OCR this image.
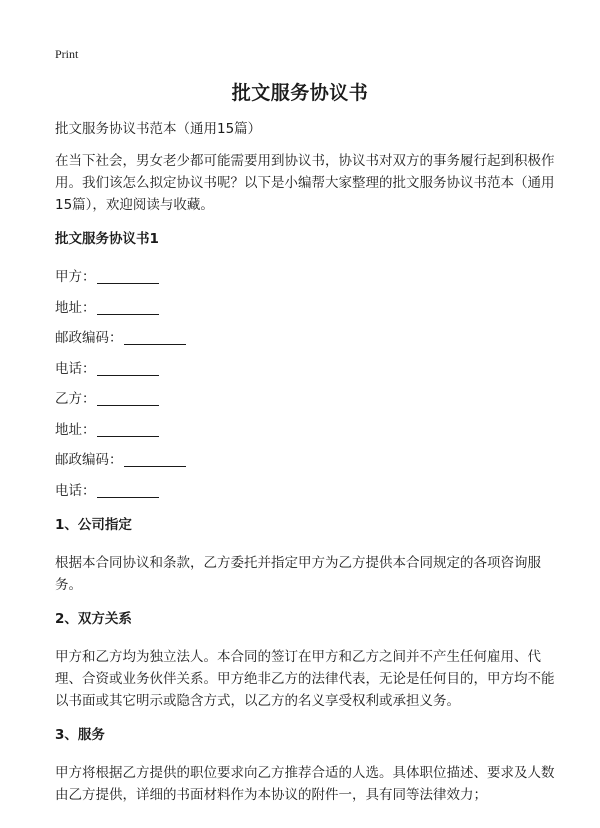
Print
批文服务协议书

批文服务协议书范本（通用15篇）

在当下社会，男女老少都可能需要用到协议书，协议书对双方的事务履行起到积极作用。我们该怎么拟定协议书呢？以下是小编帮大家整理的批文服务协议书范本（通用15篇），欢迎阅读与收藏。

批文服务协议书1

甲方：
地址：
邮政编码：
电话：
乙方：
地址：
邮政编码：
电话：

1、公司指定

根据本合同协议和条款，乙方委托并指定甲方为乙方提供本合同规定的各项咨询服务。

2、双方关系

甲方和乙方均为独立法人。本合同的签订在甲方和乙方之间并不产生任何雇用、代理、合资或业务伙伴关系。甲方绝非乙方的法律代表，无论是任何目的，甲方均不能以书面或其它明示或隐含方式，以乙方的名义享受权利或承担义务。

3、服务

甲方将根据乙方提供的职位要求向乙方推荐合适的人选。具体职位描述、要求及人数由乙方提供，详细的书面材料作为本协议的附件一，具有同等法律效力；
